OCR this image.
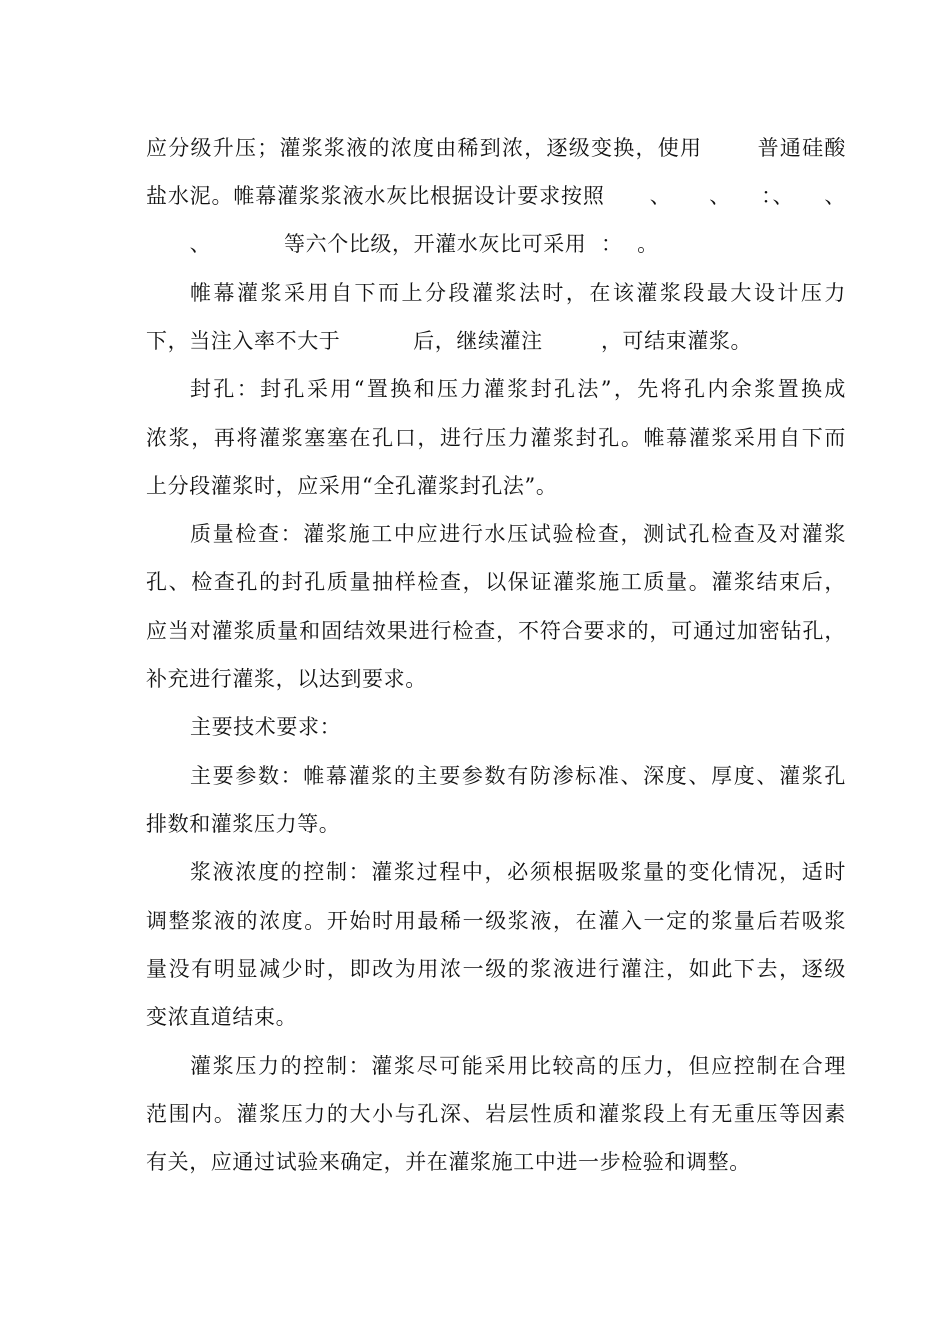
应分级升压；灌浆浆液的浓度由稀到浓，逐级变换，使用       普通硅酸
盐水泥。帷幕灌浆浆液水灰比根据设计要求按照      、     、    ：、    、
、          等六个比级，开灌水灰比可采用  ：  。
帷幕灌浆采用自下而上分段灌浆法时，在该灌浆段最大设计压力
下，当注入率不大于          后，继续灌注        ，可结束灌浆。
封孔：封孔采用“置换和压力灌浆封孔法”，先将孔内余浆置换成
浓浆，再将灌浆塞塞在孔口，进行压力灌浆封孔。帷幕灌浆采用自下而
上分段灌浆时，应采用“全孔灌浆封孔法”。
质量检查：灌浆施工中应进行水压试验检查，测试孔检查及对灌浆
孔、检查孔的封孔质量抽样检查，以保证灌浆施工质量。灌浆结束后，
应当对灌浆质量和固结效果进行检查，不符合要求的，可通过加密钻孔，
补充进行灌浆，以达到要求。
主要技术要求：
主要参数：帷幕灌浆的主要参数有防渗标准、深度、厚度、灌浆孔
排数和灌浆压力等。
浆液浓度的控制：灌浆过程中，必须根据吸浆量的变化情况，适时
调整浆液的浓度。开始时用最稀一级浆液，在灌入一定的浆量后若吸浆
量没有明显减少时，即改为用浓一级的浆液进行灌注，如此下去，逐级
变浓直道结束。
灌浆压力的控制：灌浆尽可能采用比较高的压力，但应控制在合理
范围内。灌浆压力的大小与孔深、岩层性质和灌浆段上有无重压等因素
有关，应通过试验来确定，并在灌浆施工中进一步检验和调整。
